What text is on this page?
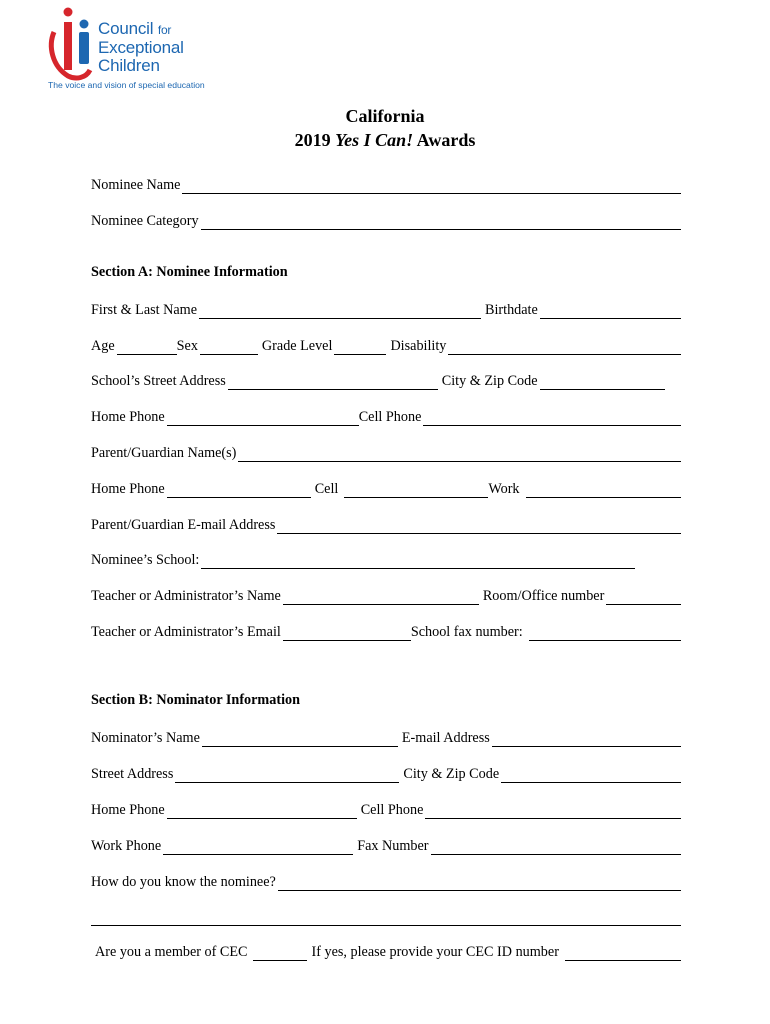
Council for
Exceptional
Children
The voice and vision of special education
California
2019 Yes I Can! Awards
Nominee Name
Nominee Category
Section A: Nominee Information
First & Last Name	Birthdate
Age	Sex	Grade Level	Disability
School’s Street Address	City & Zip Code
Home Phone	Cell Phone
Parent/Guardian Name(s)
Home Phone	Cell	Work
Parent/Guardian E-mail Address
Nominee’s School:
Teacher or Administrator’s Name	Room/Office number
Teacher or Administrator’s Email	School fax number:
Section B: Nominator Information
Nominator’s Name	E-mail Address
Street Address	City & Zip Code
Home Phone	Cell Phone
Work Phone	Fax Number
How do you know the nominee?
Are you a member of CEC	If yes, please provide your CEC ID number
